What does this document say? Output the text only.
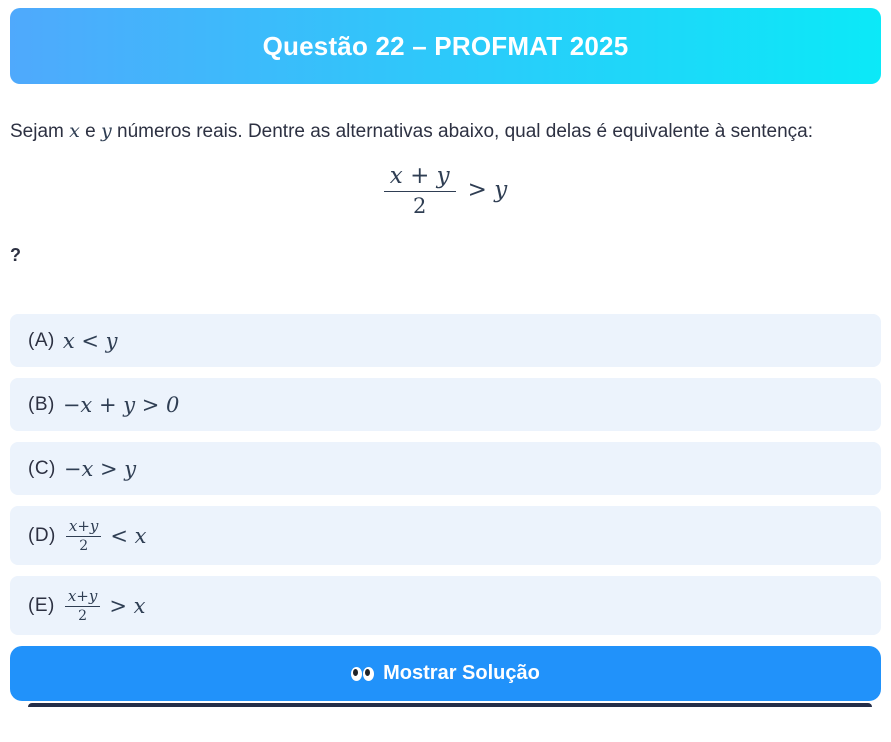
Questão 22 – PROFMAT 2025

Sejam x e y números reais. Dentre as alternativas abaixo, qual delas é equivalente à sentença:

$\frac{x + y}{2} > y$
?
(A) x < y
(B) −x + y > 0
(C) −x > y
$(D) \frac{x+y}{2} < x$
$(E) \frac{x+y}{2} > x$
Mostrar Solução
